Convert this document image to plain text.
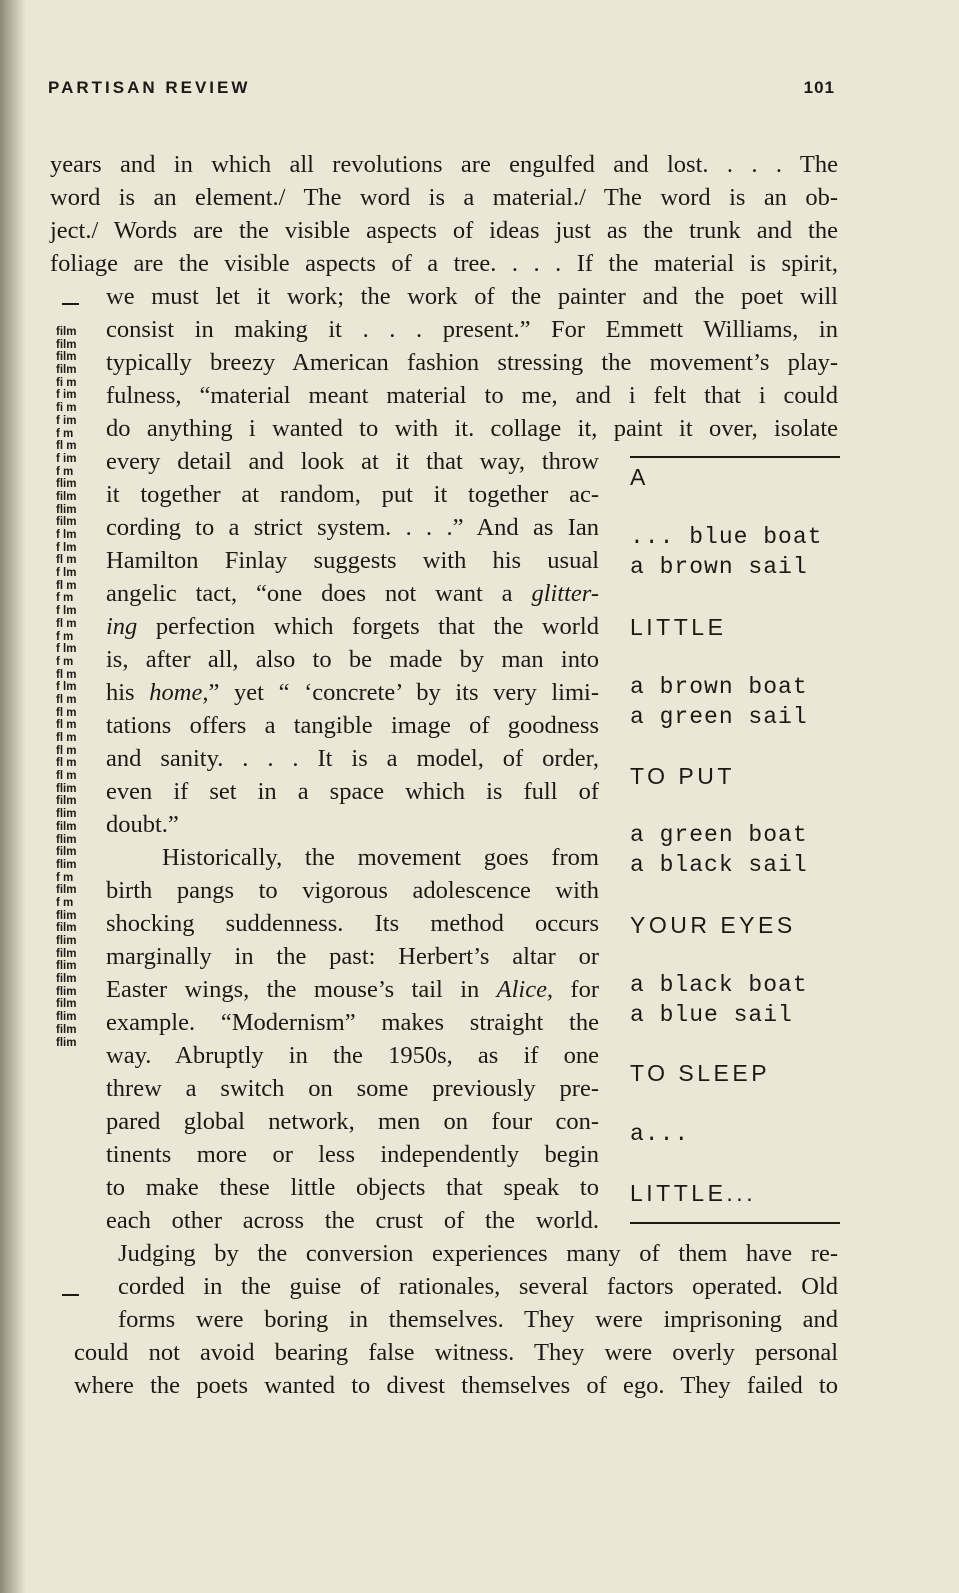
PARTISAN REVIEW	101
years and in which all revolutions are engulfed and lost. . . . The
word is an element./ The word is a material./ The word is an ob-
ject./ Words are the visible aspects of ideas just as the trunk and the
foliage are the visible aspects of a tree. . . . If the material is spirit,
we must let it work; the work of the painter and the poet will
consist in making it . . . present.” For Emmett Williams, in
typically breezy American fashion stressing the movement’s play-
fulness, “material meant material to me, and i felt that i could
do anything i wanted to with it. collage it, paint it over, isolate
every detail and look at it that way, throw
it together at random, put it together ac-
cording to a strict system. . . .” And as Ian
Hamilton Finlay suggests with his usual
angelic tact, “one does not want a glitter-
ing perfection which forgets that the world
is, after all, also to be made by man into
his home,” yet “ ‘concrete’ by its very limi-
tations offers a tangible image of goodness
and sanity. . . . It is a model, of order,
even if set in a space which is full of
doubt.”
Historically, the movement goes from
birth pangs to vigorous adolescence with
shocking suddenness. Its method occurs
marginally in the past: Herbert’s altar or
Easter wings, the mouse’s tail in Alice, for
example. “Modernism” makes straight the
way. Abruptly in the 1950s, as if one
threw a switch on some previously pre-
pared global network, men on four con-
tinents more or less independently begin
to make these little objects that speak to
each other across the crust of the world.
Judging by the conversion experiences many of them have re-
corded in the guise of rationales, several factors operated. Old
forms were boring in themselves. They were imprisoning and
could not avoid bearing false witness. They were overly personal
where the poets wanted to divest themselves of ego. They failed to
film
film
film
film
fi m
f im
fi m
f im
f m
fl m
f im
f m
flim
film
flim
film
f lm
f lm
fl m
f lm
fl m
f m
f lm
fl m
f m
f lm
f m
fl m
f lm
fl m
fl m
fl m
fl m
fl m
fl m
fl m
flim
film
flim
film
flim
film
flim
f m
film
f m
flim
film
flim
film
flim
film
flim
film
flim
film
flim
A
... blue boat
a brown sail
LITTLE
a brown boat
a green sail
TO PUT
a green boat
a black sail
YOUR EYES
a black boat
a blue sail
TO SLEEP
a...
LITTLE...
